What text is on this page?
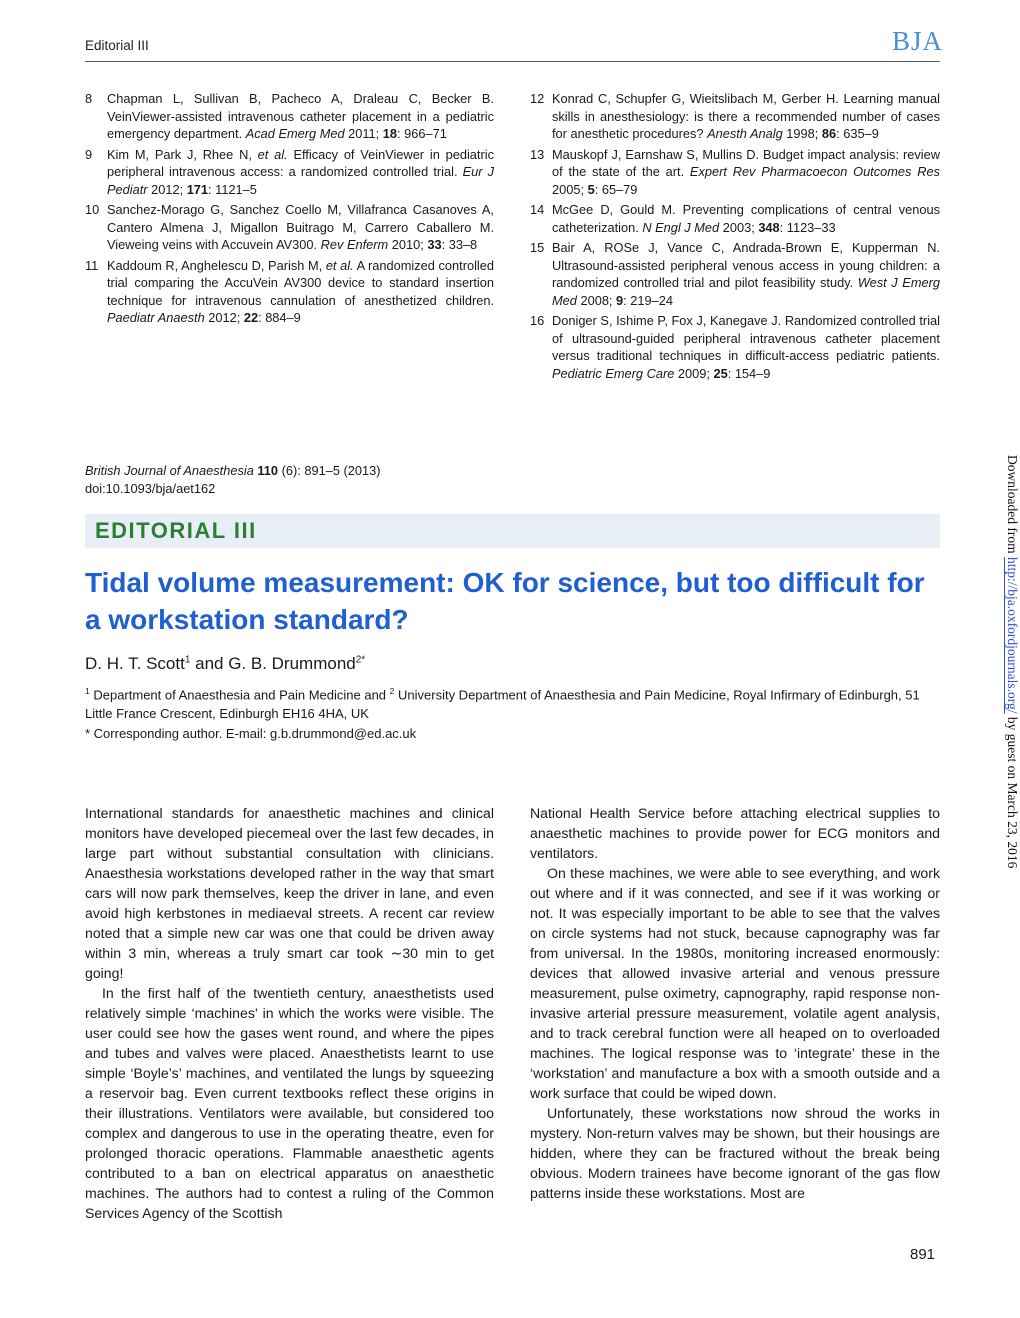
Editorial III	BJA
8 Chapman L, Sullivan B, Pacheco A, Draleau C, Becker B. VeinViewer-assisted intravenous catheter placement in a pediatric emergency department. Acad Emerg Med 2011; 18: 966–71
9 Kim M, Park J, Rhee N, et al. Efficacy of VeinViewer in pediatric peripheral intravenous access: a randomized controlled trial. Eur J Pediatr 2012; 171: 1121–5
10 Sanchez-Morago G, Sanchez Coello M, Villafranca Casanoves A, Cantero Almena J, Migallon Buitrago M, Carrero Caballero M. Vieweing veins with Accuvein AV300. Rev Enferm 2010; 33: 33–8
11 Kaddoum R, Anghelescu D, Parish M, et al. A randomized controlled trial comparing the AccuVein AV300 device to standard insertion technique for intravenous cannulation of anesthetized children. Paediatr Anaesth 2012; 22: 884–9
12 Konrad C, Schupfer G, Wieitslibach M, Gerber H. Learning manual skills in anesthesiology: is there a recommended number of cases for anesthetic procedures? Anesth Analg 1998; 86: 635–9
13 Mauskopf J, Earnshaw S, Mullins D. Budget impact analysis: review of the state of the art. Expert Rev Pharmacoecon Outcomes Res 2005; 5: 65–79
14 McGee D, Gould M. Preventing complications of central venous catheterization. N Engl J Med 2003; 348: 1123–33
15 Bair A, ROSe J, Vance C, Andrada-Brown E, Kupperman N. Ultrasound-assisted peripheral venous access in young children: a randomized controlled trial and pilot feasibility study. West J Emerg Med 2008; 9: 219–24
16 Doniger S, Ishime P, Fox J, Kanegave J. Randomized controlled trial of ultrasound-guided peripheral intravenous catheter placement versus traditional techniques in difficult-access pediatric patients. Pediatric Emerg Care 2009; 25: 154–9
British Journal of Anaesthesia 110 (6): 891–5 (2013)
doi:10.1093/bja/aet162
EDITORIAL III
Tidal volume measurement: OK for science, but too difficult for a workstation standard?
D. H. T. Scott$^1$ and G. B. Drummond$^{2*}$
$^1$ Department of Anaesthesia and Pain Medicine and $^2$ University Department of Anaesthesia and Pain Medicine, Royal Infirmary of Edinburgh, 51 Little France Crescent, Edinburgh EH16 4HA, UK
* Corresponding author. E-mail: g.b.drummond@ed.ac.uk

International standards for anaesthetic machines and clinical monitors have developed piecemeal over the last few decades, in large part without substantial consultation with clinicians. Anaesthesia workstations developed rather in the way that smart cars will now park themselves, keep the driver in lane, and even avoid high kerbstones in mediaeval streets. A recent car review noted that a simple new car was one that could be driven away within 3 min, whereas a truly smart car took ∼30 min to get going!

In the first half of the twentieth century, anaesthetists used relatively simple ‘machines’ in which the works were visible. The user could see how the gases went round, and where the pipes and tubes and valves were placed. Anaesthetists learnt to use simple ‘Boyle’s’ machines, and ventilated the lungs by squeezing a reservoir bag. Even current textbooks reflect these origins in their illustrations. Ventilators were available, but considered too complex and dangerous to use in the operating theatre, even for prolonged thoracic operations. Flammable anaesthetic agents contributed to a ban on electrical apparatus on anaesthetic machines. The authors had to contest a ruling of the Common Services Agency of the Scottish

National Health Service before attaching electrical supplies to anaesthetic machines to provide power for ECG monitors and ventilators.

On these machines, we were able to see everything, and work out where and if it was connected, and see if it was working or not. It was especially important to be able to see that the valves on circle systems had not stuck, because capnography was far from universal. In the 1980s, monitoring increased enormously: devices that allowed invasive arterial and venous pressure measurement, pulse oximetry, capnography, rapid response non-invasive arterial pressure measurement, volatile agent analysis, and to track cerebral function were all heaped on to overloaded machines. The logical response was to ‘integrate’ these in the ‘workstation’ and manufacture a box with a smooth outside and a work surface that could be wiped down.

Unfortunately, these workstations now shroud the works in mystery. Non-return valves may be shown, but their housings are hidden, where they can be fractured without the break being obvious. Modern trainees have become ignorant of the gas flow patterns inside these workstations. Most are

891
Downloaded from http://bja.oxfordjournals.org/ by guest on March 23, 2016
